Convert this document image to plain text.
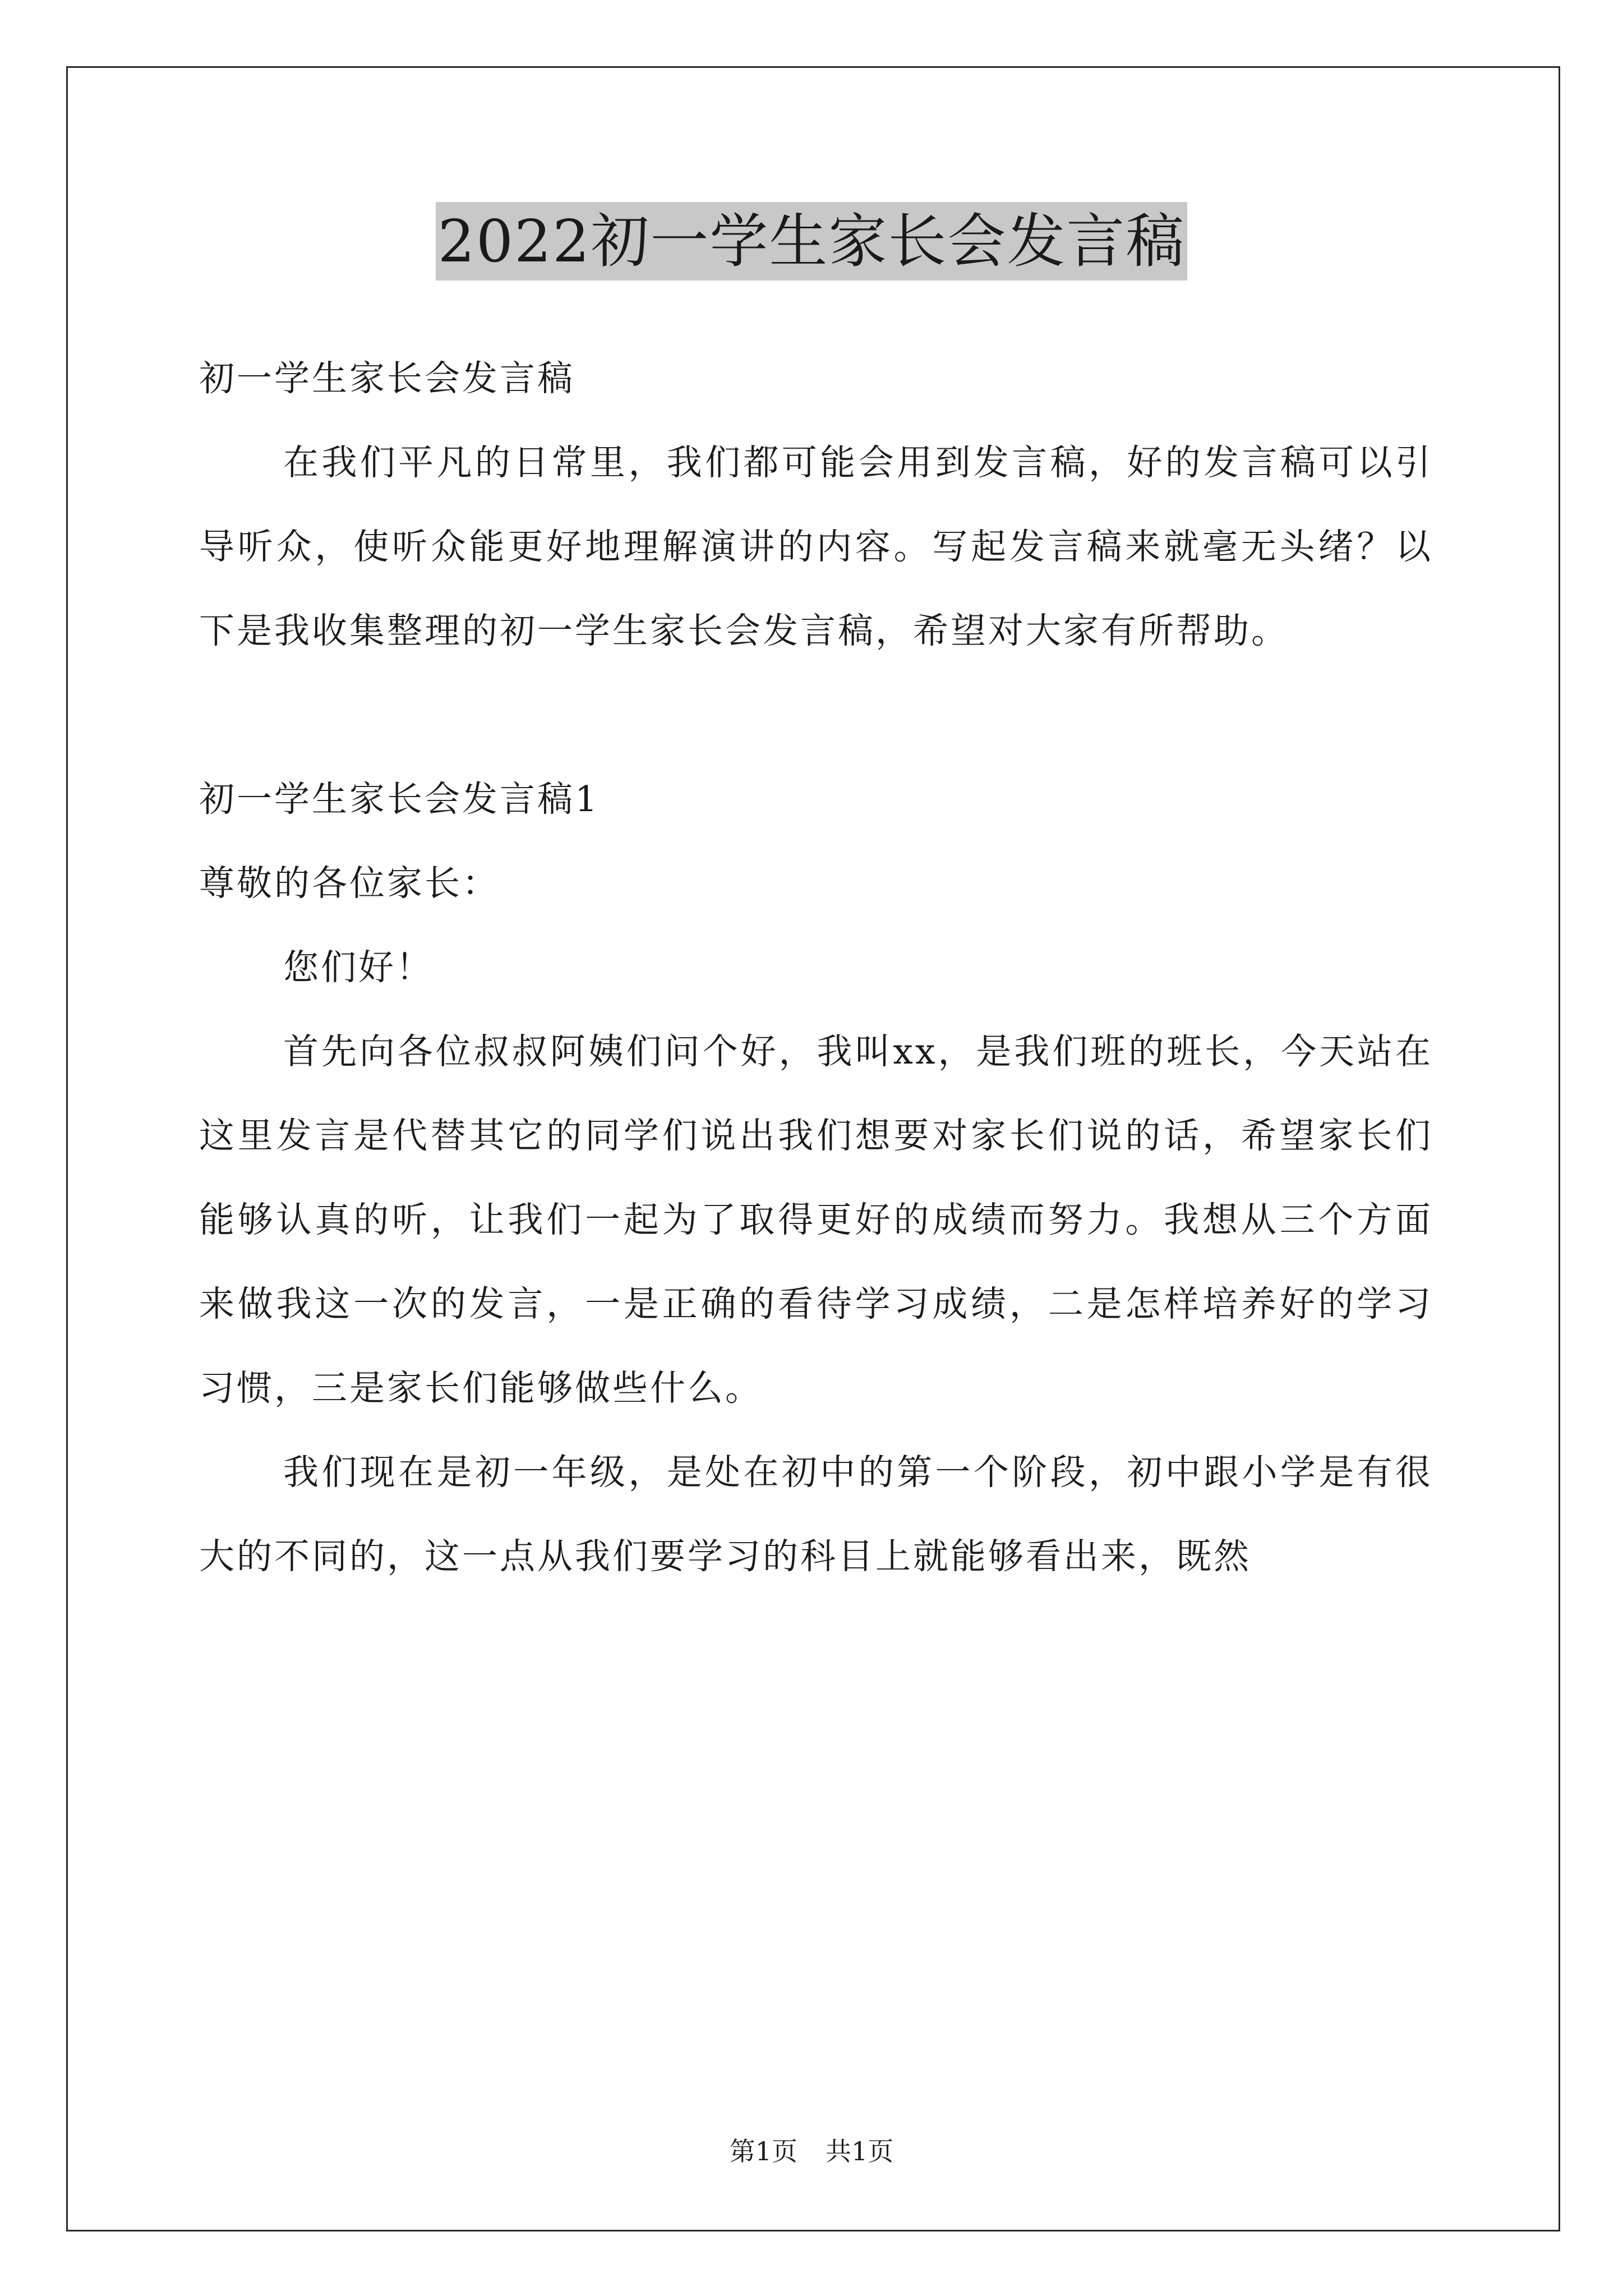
2022初一学生家长会发言稿

初一学生家长会发言稿

在我们平凡的日常里，我们都可能会用到发言稿，好的发言稿可以引导听众，使听众能更好地理解演讲的内容。写起发言稿来就毫无头绪？以下是我收集整理的初一学生家长会发言稿，希望对大家有所帮助。

初一学生家长会发言稿1

尊敬的各位家长：

您们好！

首先向各位叔叔阿姨们问个好，我叫xx，是我们班的班长，今天站在这里发言是代替其它的同学们说出我们想要对家长们说的话，希望家长们能够认真的听，让我们一起为了取得更好的成绩而努力。我想从三个方面来做我这一次的发言，一是正确的看待学习成绩，二是怎样培养好的学习习惯，三是家长们能够做些什么。

我们现在是初一年级，是处在初中的第一个阶段，初中跟小学是有很大的不同的，这一点从我们要学习的科目上就能够看出来，既然

第1页 共1页
